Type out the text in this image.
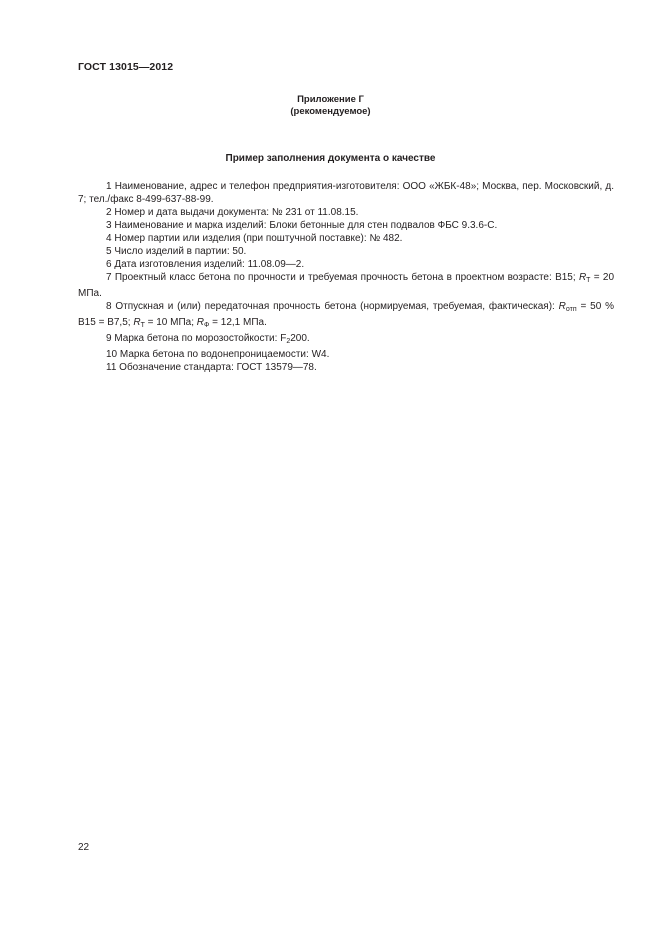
ГОСТ 13015—2012
Приложение Г
(рекомендуемое)
Пример заполнения документа о качестве

1 Наименование, адрес и телефон предприятия-изготовителя: ООО «ЖБК-48»; Москва, пер. Московский, д. 7; тел./факс 8-499-637-88-99.

2 Номер и дата выдачи документа: № 231 от 11.08.15.

3 Наименование и марка изделий: Блоки бетонные для стен подвалов ФБС 9.3.6-С.

4 Номер партии или изделия (при поштучной поставке): № 482.

5 Число изделий в партии: 50.

6 Дата изготовления изделий: 11.08.09—2.

7 Проектный класс бетона по прочности и требуемая прочность бетона в проектном возрасте: B15; $R_Т = 20$ МПа.

8 Отпускная и (или) передаточная прочность бетона (нормируемая, требуемая, фактическая): $R_{отп} = 50$ % B15 = B7,5; $R_Т = 10$ МПа; $R_Ф = 12,1$ МПа.

9 Марка бетона по морозостойкости: $F_2200$.

10 Марка бетона по водонепроницаемости: W4.

11 Обозначение стандарта: ГОСТ 13579—78.

22
